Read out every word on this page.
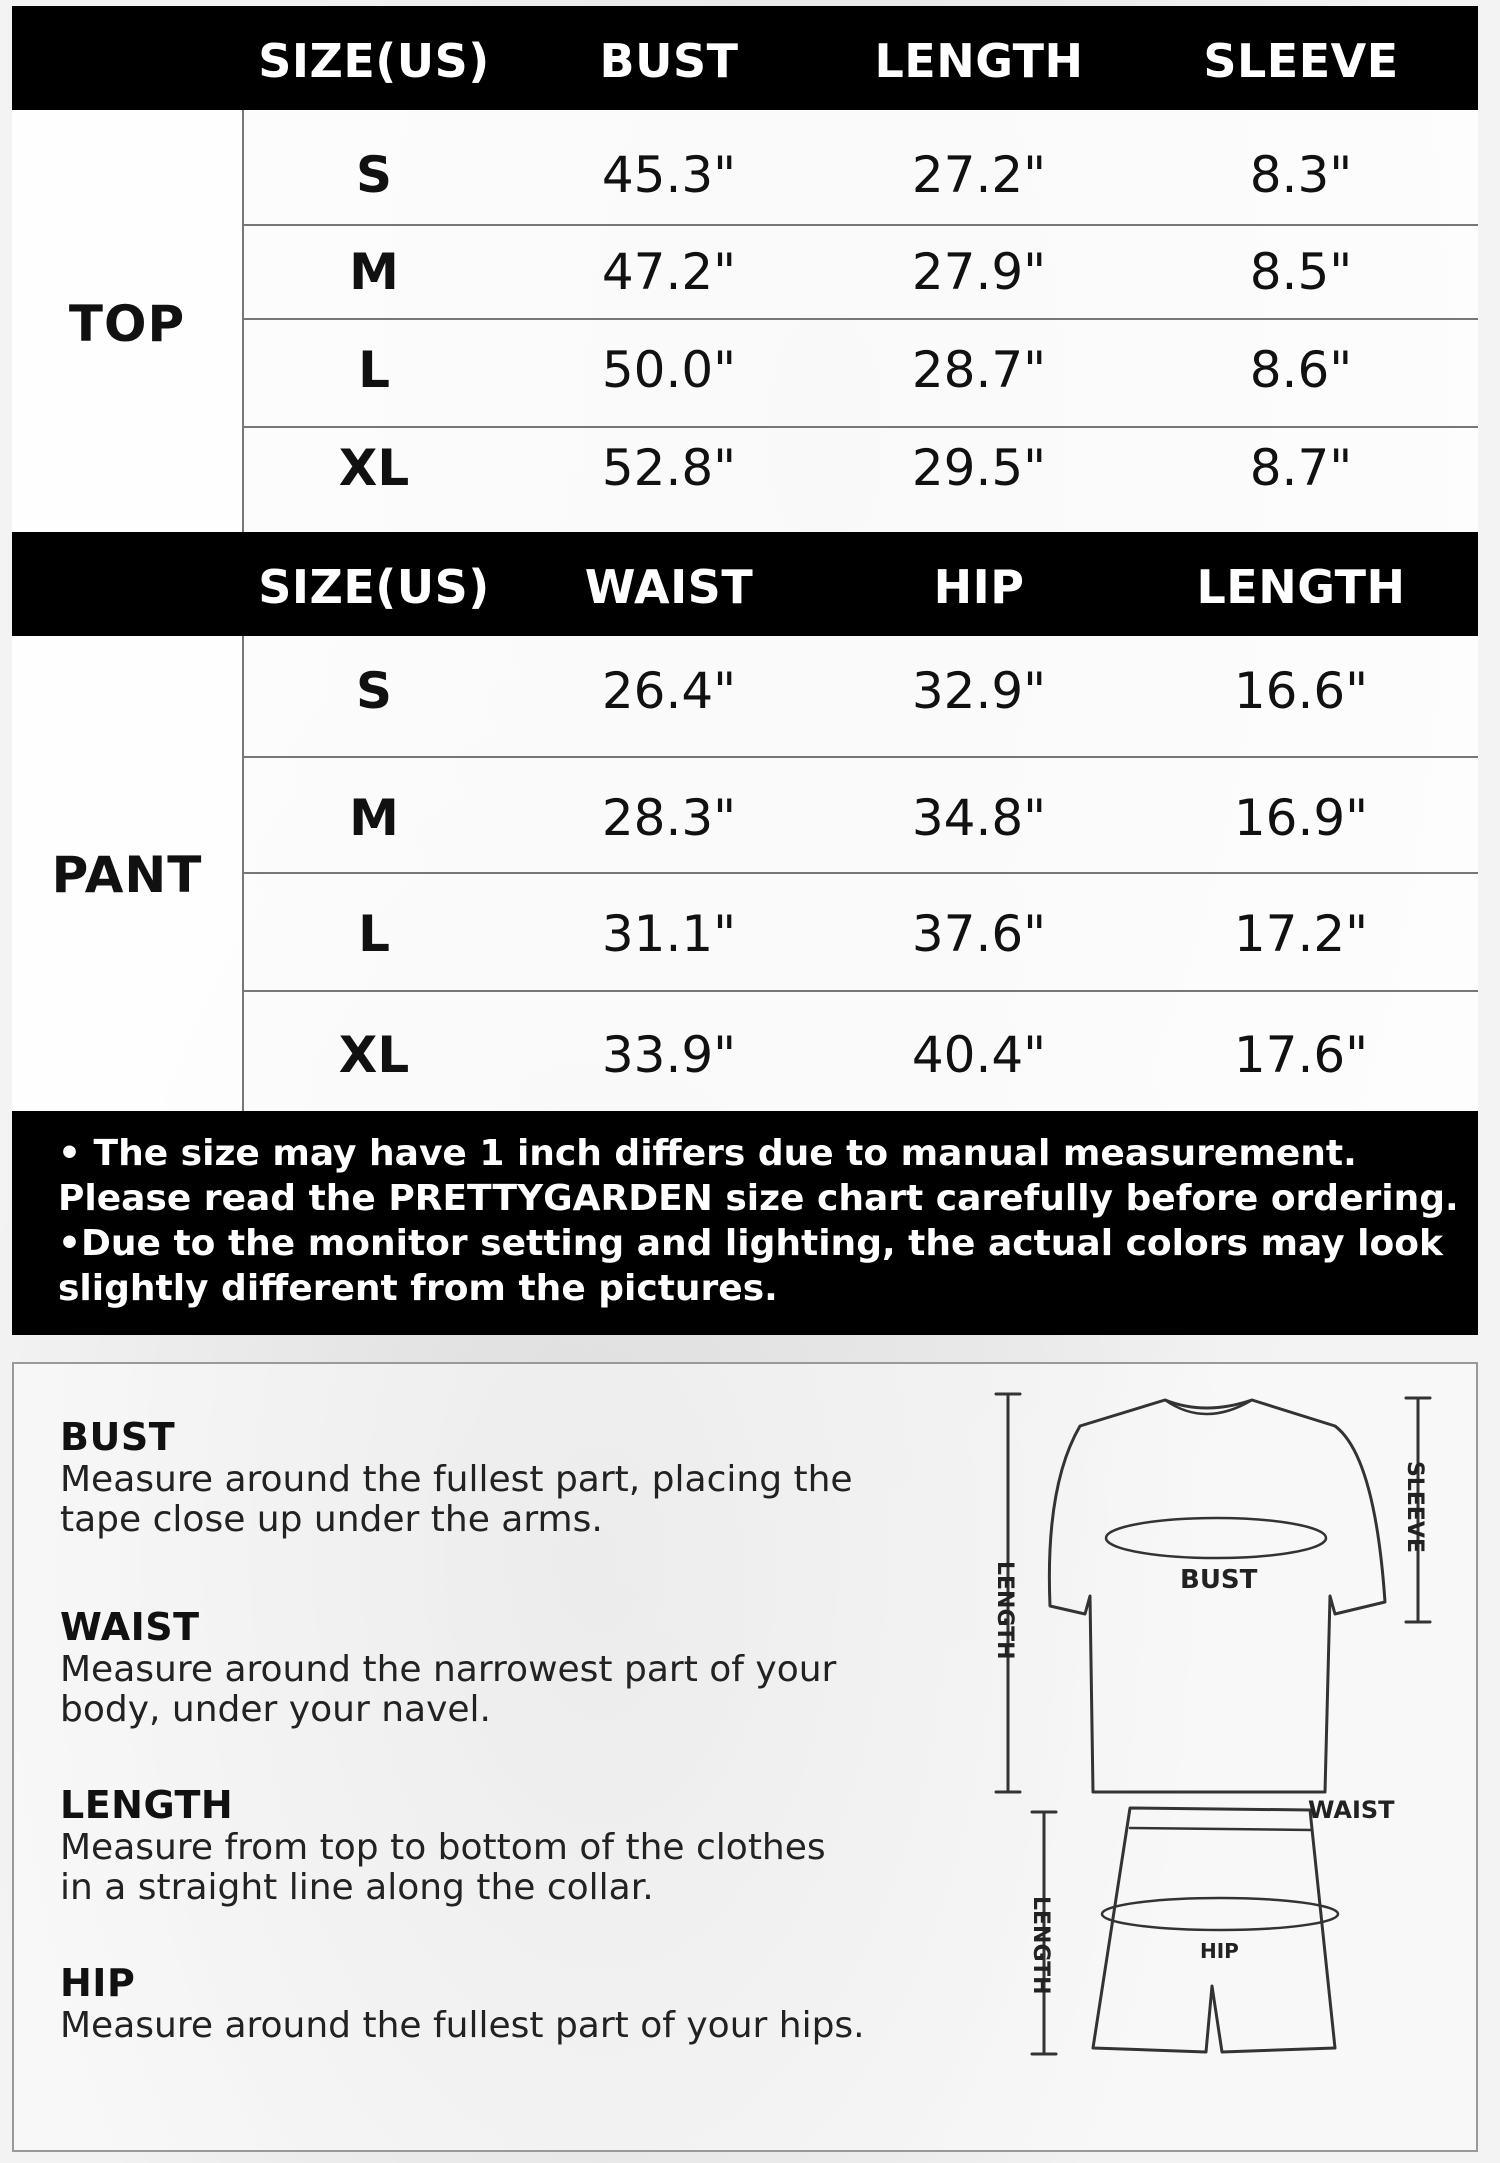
SIZE(US)	BUST	LENGTH	SLEEVE
TOP
S	45.3"	27.2"	8.3"
M	47.2"	27.9"	8.5"
L	50.0"	28.7"	8.6"
XL	52.8"	29.5"	8.7"
SIZE(US)	WAIST	HIP	LENGTH
PANT
S	26.4"	32.9"	16.6"
M	28.3"	34.8"	16.9"
L	31.1"	37.6"	17.2"
XL	33.9"	40.4"	17.6"
• The size may have 1 inch differs due to manual measurement.
Please read the PRETTYGARDEN size chart carefully before ordering.
•Due to the monitor setting and lighting, the actual colors may look
slightly different from the pictures.
BUST
Measure around the fullest part, placing the
tape close up under the arms.
WAIST
Measure around the narrowest part of your
body, under your navel.
LENGTH
Measure from top to bottom of the clothes
in a straight line along the collar.
HIP
Measure around the fullest part of your hips.
BUST
WAIST
HIP
LENGTH
SLEEVE
LENGTH
